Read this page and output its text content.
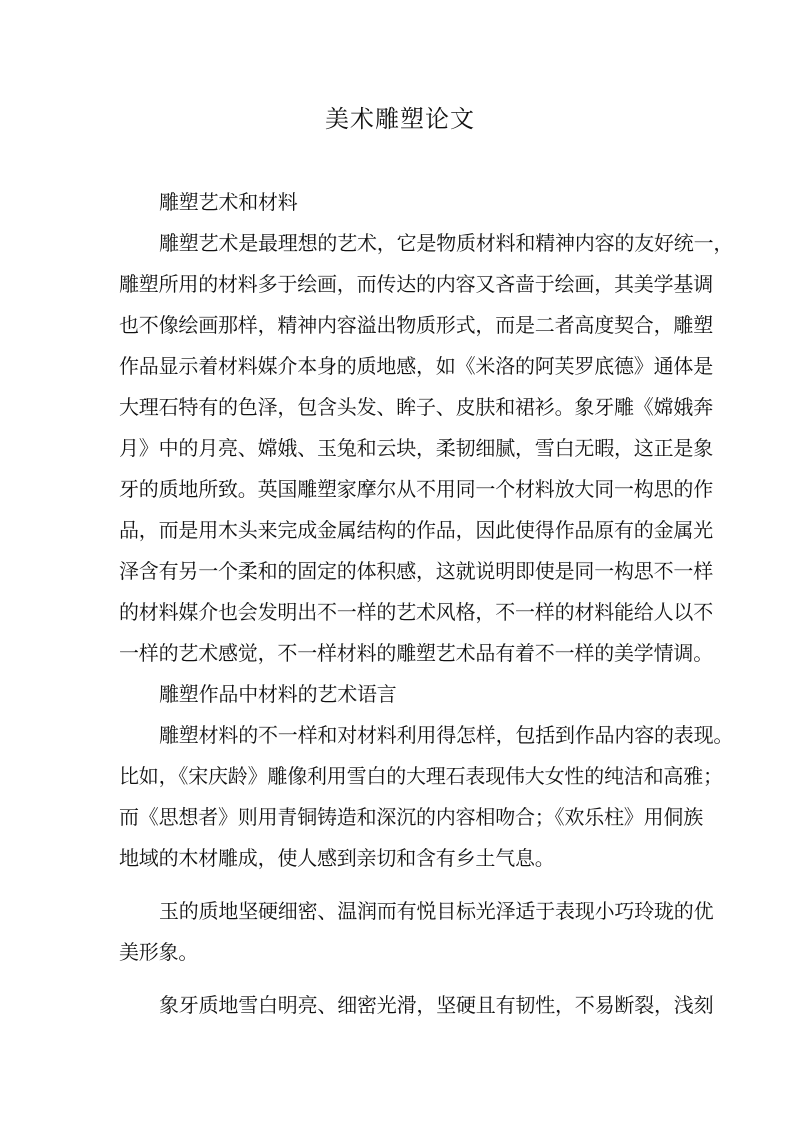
美术雕塑论文
雕塑艺术和材料
雕塑艺术是最理想的艺术，它是物质材料和精神内容的友好统一，
雕塑所用的材料多于绘画，而传达的内容又吝啬于绘画，其美学基调
也不像绘画那样，精神内容溢出物质形式，而是二者高度契合，雕塑
作品显示着材料媒介本身的质地感，如《米洛的阿芙罗底德》通体是
大理石特有的色泽，包含头发、眸子、皮肤和裙衫。象牙雕《嫦娥奔
月》中的月亮、嫦娥、玉兔和云块，柔韧细腻，雪白无暇，这正是象
牙的质地所致。英国雕塑家摩尔从不用同一个材料放大同一构思的作
品，而是用木头来完成金属结构的作品，因此使得作品原有的金属光
泽含有另一个柔和的固定的体积感，这就说明即使是同一构思不一样
的材料媒介也会发明出不一样的艺术风格，不一样的材料能给人以不
一样的艺术感觉，不一样材料的雕塑艺术品有着不一样的美学情调。
雕塑作品中材料的艺术语言
雕塑材料的不一样和对材料利用得怎样，包括到作品内容的表现。
比如，《宋庆龄》雕像利用雪白的大理石表现伟大女性的纯洁和高雅；
而《思想者》则用青铜铸造和深沉的内容相吻合；《欢乐柱》用侗族
地域的木材雕成，使人感到亲切和含有乡土气息。
玉的质地坚硬细密、温润而有悦目标光泽适于表现小巧玲珑的优
美形象。
象牙质地雪白明亮、细密光滑，坚硬且有韧性，不易断裂，浅刻
